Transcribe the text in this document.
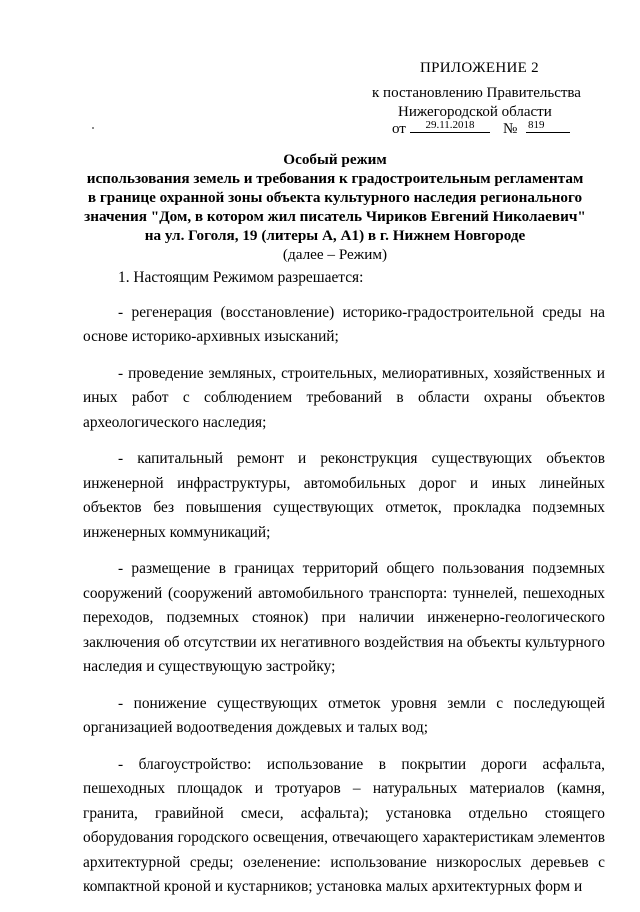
ПРИЛОЖЕНИЕ 2
к постановлению Правительства
Нижегородской области
от	29.11.2018	№ 819
Особый режим
использования земель и требования к градостроительным регламентам
в границе охранной зоны объекта культурного наследия регионального
значения "Дом, в котором жил писатель Чириков Евгений Николаевич"
на ул. Гоголя, 19 (литеры А, А1) в г. Нижнем Новгороде
(далее – Режим)

1. Настоящим Режимом разрешается:

- регенерация (восстановление) историко-градостроительной среды на основе историко-архивных изысканий;

- проведение земляных, строительных, мелиоративных, хозяйственных и иных работ с соблюдением требований в области охраны объектов археологического наследия;

- капитальный ремонт и реконструкция существующих объектов инженерной инфраструктуры, автомобильных дорог и иных линейных объектов без повышения существующих отметок, прокладка подземных инженерных коммуникаций;

- размещение в границах территорий общего пользования подземных сооружений (сооружений автомобильного транспорта: туннелей, пешеходных переходов, подземных стоянок) при наличии инженерно-геологического заключения об отсутствии их негативного воздействия на объекты культурного наследия и существующую застройку;

- понижение существующих отметок уровня земли с последующей организацией водоотведения дождевых и талых вод;

- благоустройство: использование в покрытии дороги асфальта, пешеходных площадок и тротуаров – натуральных материалов (камня, гранита, гравийной смеси, асфальта); установка отдельно стоящего оборудования городского освещения, отвечающего характеристикам элементов архитектурной среды; озеленение: использование низкорослых деревьев с компактной кроной и кустарников; установка малых архитектурных форм и
